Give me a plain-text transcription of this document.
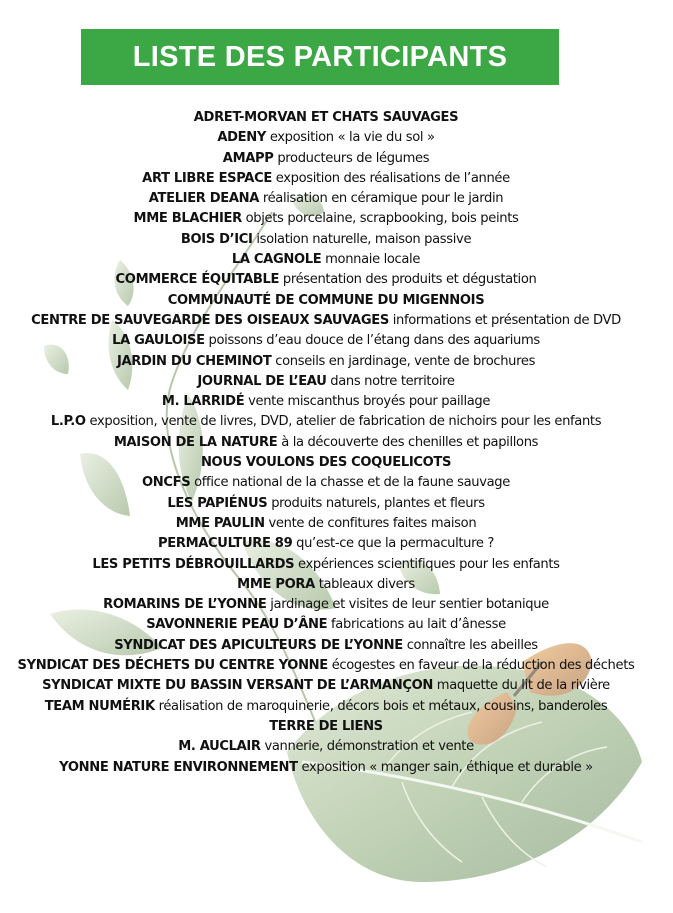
LISTE DES PARTICIPANTS
ADRET-MORVAN ET CHATS SAUVAGES
ADENY exposition « la vie du sol »
AMAPP producteurs de légumes
ART LIBRE ESPACE exposition des réalisations de l’année
ATELIER DEANA réalisation en céramique pour le jardin
MME BLACHIER objets porcelaine, scrapbooking, bois peints
BOIS D’ICI isolation naturelle, maison passive
LA CAGNOLE monnaie locale
COMMERCE ÉQUITABLE présentation des produits et dégustation
COMMUNAUTÉ DE COMMUNE DU MIGENNOIS
CENTRE DE SAUVEGARDE DES OISEAUX SAUVAGES informations et présentation de DVD
LA GAULOISE poissons d’eau douce de l’étang dans des aquariums
JARDIN DU CHEMINOT conseils en jardinage, vente de brochures
JOURNAL DE L’EAU dans notre territoire
M. LARRIDÉ vente miscanthus broyés pour paillage
L.P.O exposition, vente de livres, DVD, atelier de fabrication de nichoirs pour les enfants
MAISON DE LA NATURE à la découverte des chenilles et papillons
NOUS VOULONS DES COQUELICOTS
ONCFS office national de la chasse et de la faune sauvage
LES PAPIÉNUS produits naturels, plantes et fleurs
MME PAULIN vente de confitures faites maison
PERMACULTURE 89 qu’est-ce que la permaculture ?
LES PETITS DÉBROUILLARDS expériences scientifiques pour les enfants
MME PORA tableaux divers
ROMARINS DE L’YONNE jardinage et visites de leur sentier botanique
SAVONNERIE PEAU D’ÂNE fabrications au lait d’ânesse
SYNDICAT DES APICULTEURS DE L’YONNE connaître les abeilles
SYNDICAT DES DÉCHETS DU CENTRE YONNE écogestes en faveur de la réduction des déchets
SYNDICAT MIXTE DU BASSIN VERSANT DE L’ARMANÇON maquette du lit de la rivière
TEAM NUMÉRIK réalisation de maroquinerie, décors bois et métaux, cousins, banderoles
TERRE DE LIENS
M. AUCLAIR vannerie, démonstration et vente
YONNE NATURE ENVIRONNEMENT exposition « manger sain, éthique et durable »
